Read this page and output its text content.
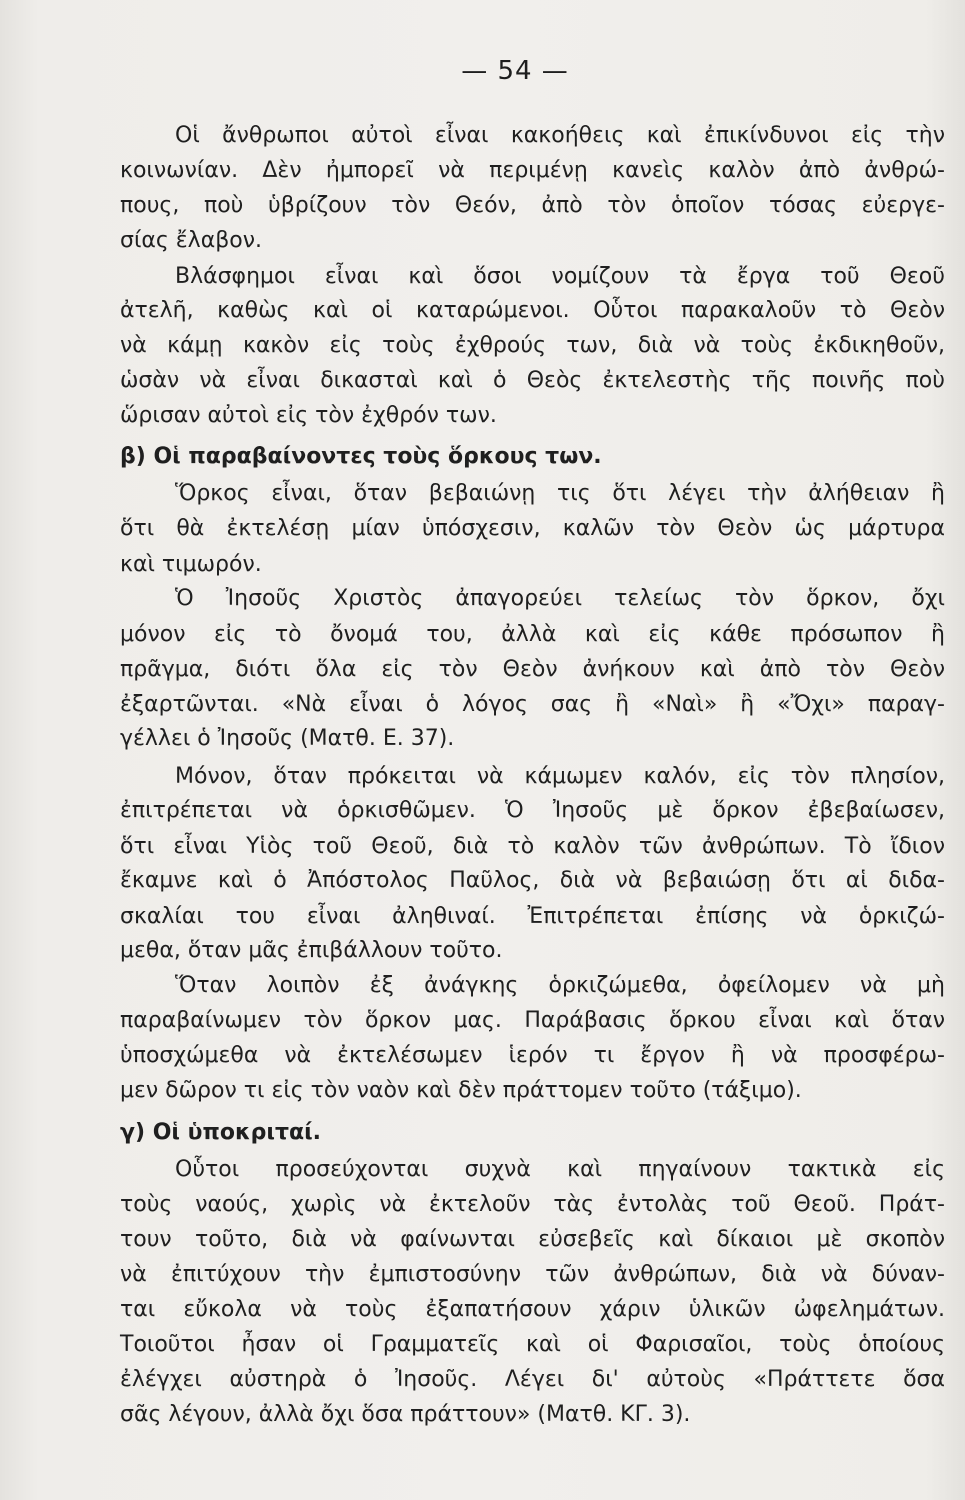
— 54 —
Οἱ ἄνθρωποι αὐτοὶ εἶναι κακοήθεις καὶ ἐπικίνδυνοι εἰς τὴν
κοινωνίαν. Δὲν ἠμπορεῖ νὰ περιμένῃ κανεὶς καλὸν ἀπὸ ἀνθρώ-
πους, ποὺ ὑβρίζουν τὸν Θεόν, ἀπὸ τὸν ὁποῖον τόσας εὐεργε-
σίας ἔλαβον.
Βλάσφημοι εἶναι καὶ ὅσοι νομίζουν τὰ ἔργα τοῦ Θεοῦ
ἀτελῆ, καθὼς καὶ οἱ καταρώμενοι. Οὗτοι παρακαλοῦν τὸ Θεὸν
νὰ κάμῃ κακὸν εἰς τοὺς ἐχθρούς των, διὰ νὰ τοὺς ἐκδικηθοῦν,
ὡσὰν νὰ εἶναι δικασταὶ καὶ ὁ Θεὸς ἐκτελεστὴς τῆς ποινῆς ποὺ
ὥρισαν αὐτοὶ εἰς τὸν ἐχθρόν των.
β) Οἱ παραβαίνοντες τοὺς ὅρκους των.
Ὅρκος εἶναι, ὅταν βεβαιώνῃ τις ὅτι λέγει τὴν ἀλήθειαν ἢ
ὅτι θὰ ἐκτελέσῃ μίαν ὑπόσχεσιν, καλῶν τὸν Θεὸν ὡς μάρτυρα
καὶ τιμωρόν.
Ὁ Ἰησοῦς Χριστὸς ἀπαγορεύει τελείως τὸν ὅρκον, ὄχι
μόνον εἰς τὸ ὄνομά του, ἀλλὰ καὶ εἰς κάθε πρόσωπον ἢ
πρᾶγμα, διότι ὅλα εἰς τὸν Θεὸν ἀνήκουν καὶ ἀπὸ τὸν Θεὸν
ἐξαρτῶνται. «Νὰ εἶναι ὁ λόγος σας ἢ «Ναὶ» ἢ «Ὄχι» παραγ-
γέλλει ὁ Ἰησοῦς (Ματθ. Ε. 37).
Μόνον, ὅταν πρόκειται νὰ κάμωμεν καλόν, εἰς τὸν πλησίον,
ἐπιτρέπεται νὰ ὁρκισθῶμεν. Ὁ Ἰησοῦς μὲ ὅρκον ἐβεβαίωσεν,
ὅτι εἶναι Υἱὸς τοῦ Θεοῦ, διὰ τὸ καλὸν τῶν ἀνθρώπων. Τὸ ἴδιον
ἔκαμνε καὶ ὁ Ἀπόστολος Παῦλος, διὰ νὰ βεβαιώσῃ ὅτι αἱ διδα-
σκαλίαι του εἶναι ἀληθιναί. Ἐπιτρέπεται ἐπίσης νὰ ὁρκιζώ-
μεθα, ὅταν μᾶς ἐπιβάλλουν τοῦτο.
Ὅταν λοιπὸν ἐξ ἀνάγκης ὁρκιζώμεθα, ὀφείλομεν νὰ μὴ
παραβαίνωμεν τὸν ὅρκον μας. Παράβασις ὅρκου εἶναι καὶ ὅταν
ὑποσχώμεθα νὰ ἐκτελέσωμεν ἱερόν τι ἔργον ἢ νὰ προσφέρω-
μεν δῶρον τι εἰς τὸν ναὸν καὶ δὲν πράττομεν τοῦτο (τάξιμο).
γ) Οἱ ὑποκριταί.
Οὗτοι προσεύχονται συχνὰ καὶ πηγαίνουν τακτικὰ εἰς
τοὺς ναούς, χωρὶς νὰ ἐκτελοῦν τὰς ἐντολὰς τοῦ Θεοῦ. Πράτ-
τουν τοῦτο, διὰ νὰ φαίνωνται εὐσεβεῖς καὶ δίκαιοι μὲ σκοπὸν
νὰ ἐπιτύχουν τὴν ἐμπιστοσύνην τῶν ἀνθρώπων, διὰ νὰ δύναν-
ται εὔκολα νὰ τοὺς ἐξαπατήσουν χάριν ὑλικῶν ὠφελημάτων.
Τοιοῦτοι ἦσαν οἱ Γραμματεῖς καὶ οἱ Φαρισαῖοι, τοὺς ὁποίους
ἐλέγχει αὐστηρὰ ὁ Ἰησοῦς. Λέγει δι' αὐτοὺς «Πράττετε ὅσα
σᾶς λέγουν, ἀλλὰ ὄχι ὅσα πράττουν» (Ματθ. ΚΓ. 3).
